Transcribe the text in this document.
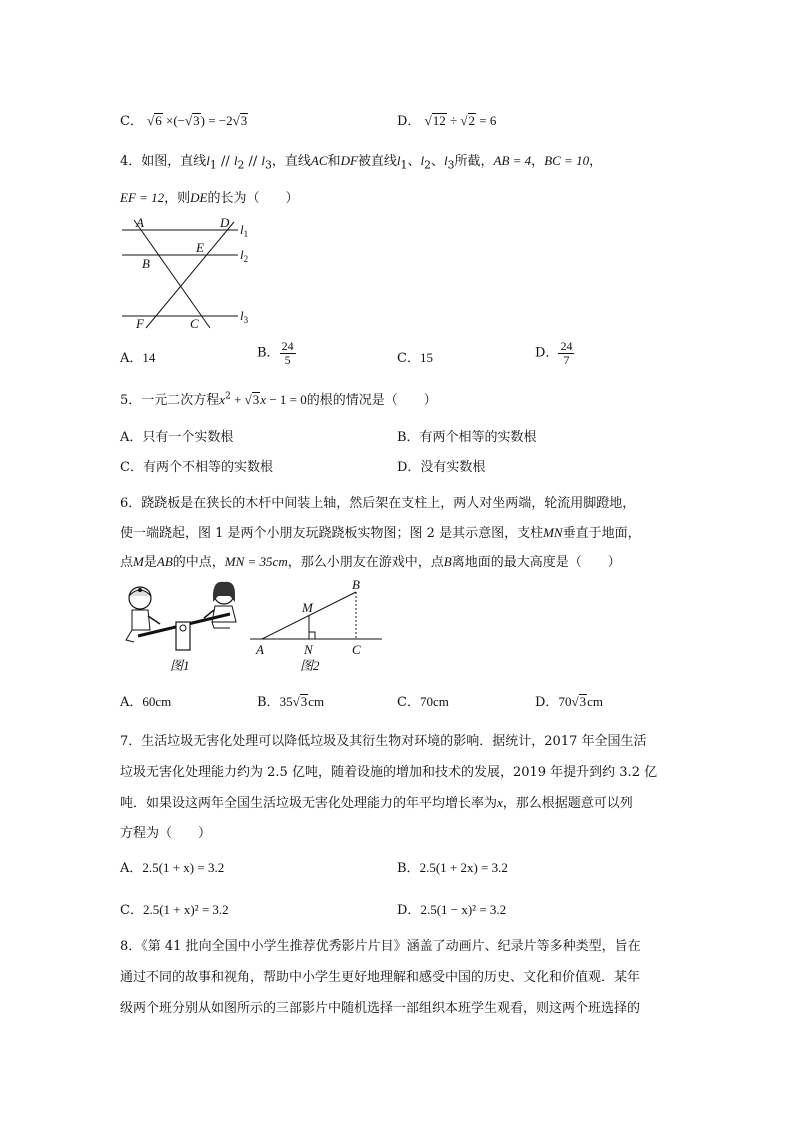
C． √ 6 ×(− √ 3) = −2 √ 3	D． √ 12 ÷ √ 2 = 6
4．如图，直线$l_1 // l_2 // l_3$，直线AC和DF被直线$l_1$、$l_2$、$l_3$所截，AB = 4，BC = 10，
EF = 12，则DE的长为（　　）
A	D
E
B
F	C
$l_1$
$l_2$
$l_3$
A．14	B． $\frac{24}{5}$	C．15	D． $\frac{24}{7}$
5．一元二次方程$x^2$ + √ 3x − 1 = 0的根的情况是（　　）
A．只有一个实数根	B．有两个相等的实数根
C．有两个不相等的实数根	D．没有实数根
6．跷跷板是在狭长的木杆中间装上轴，然后架在支柱上，两人对坐两端，轮流用脚蹬地，
使一端跷起，图 1 是两个小朋友玩跷跷板实物图；图 2 是其示意图，支柱MN垂直于地面，
点M是AB的中点，MN = 35cm，那么小朋友在游戏中，点B离地面的最大高度是（　　）
图1
A	N	C
M
B
图2
A．60cm	B．35 √ 3cm	C．70cm	D．70 √ 3cm
7．生活垃圾无害化处理可以降低垃圾及其衍生物对环境的影响．据统计，2017 年全国生活
垃圾无害化处理能力约为 2.5 亿吨，随着设施的增加和技术的发展，2019 年提升到约 3.2 亿
吨．如果设这两年全国生活垃圾无害化处理能力的年平均增长率为x，那么根据题意可以列
方程为（　　）
A．2.5(1 + x) = 3.2	B．2.5(1 + 2x) = 3.2
C．2.5(1 + x)² = 3.2	D．2.5(1 − x)² = 3.2
8．《第 41 批向全国中小学生推荐优秀影片片目》涵盖了动画片、纪录片等多种类型，旨在
通过不同的故事和视角，帮助中小学生更好地理解和感受中国的历史、文化和价值观．某年
级两个班分别从如图所示的三部影片中随机选择一部组织本班学生观看，则这两个班选择的
